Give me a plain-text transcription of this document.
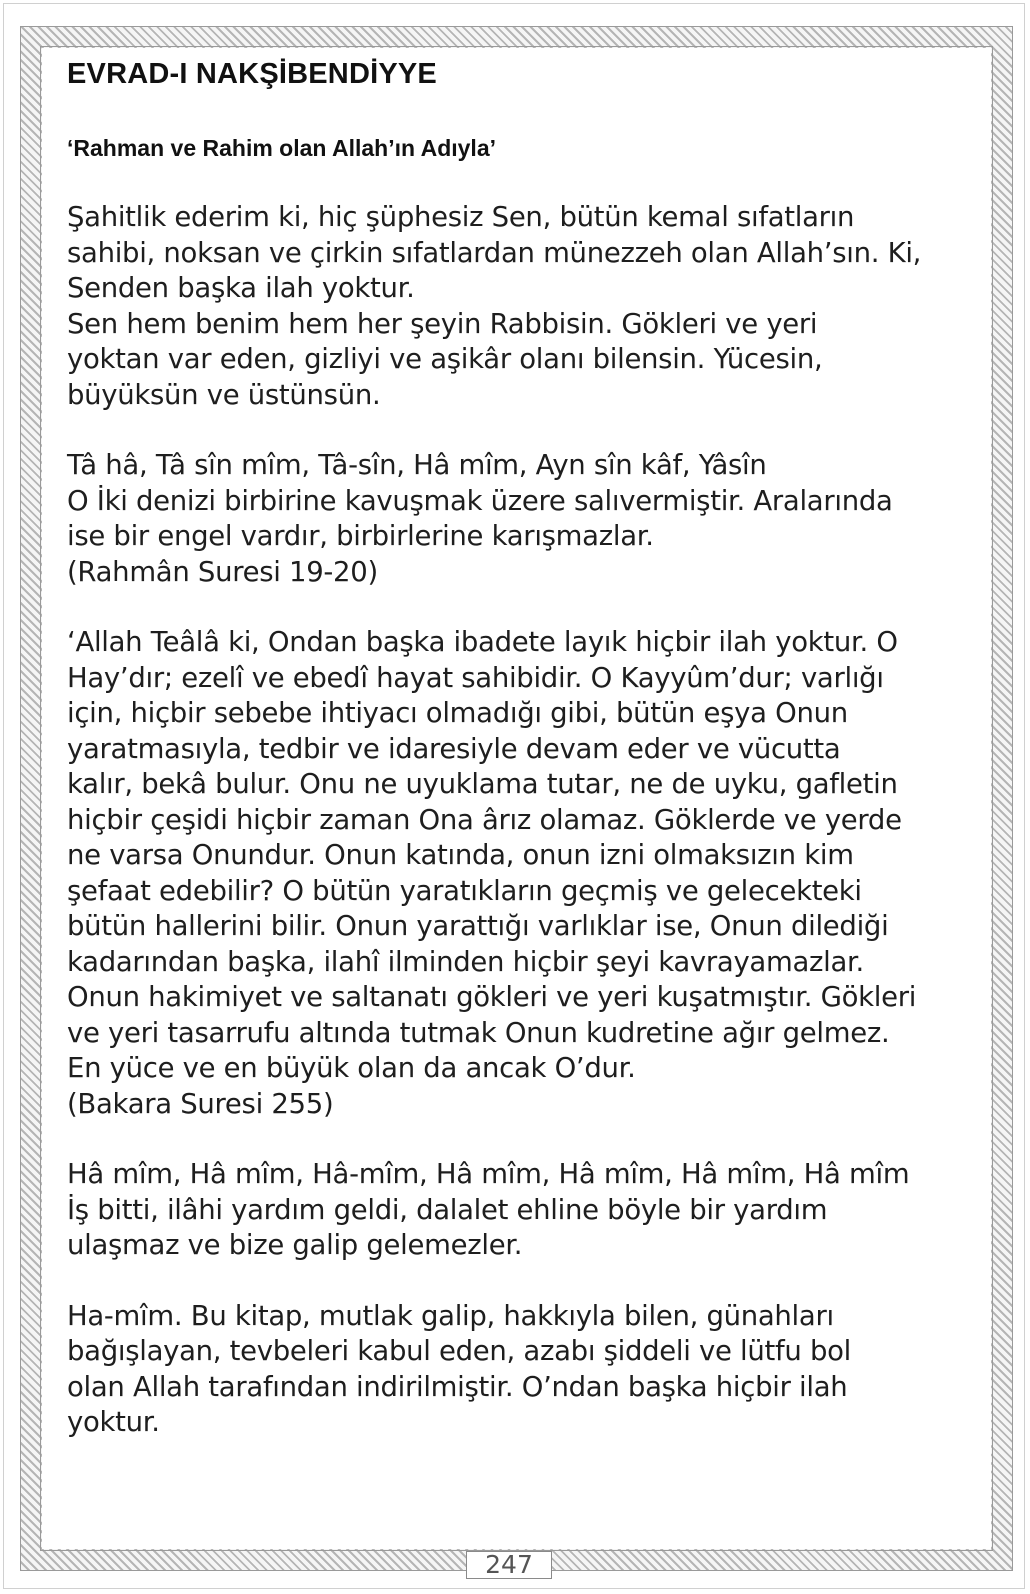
EVRAD-I NAKŞİBENDİYYE
‘Rahman ve Rahim olan Allah’ın Adıyla’

Şahitlik ederim ki, hiç şüphesiz Sen, bütün kemal sıfatların
sahibi, noksan ve çirkin sıfatlardan münezzeh olan Allah’sın. Ki,
Senden başka ilah yoktur.
Sen hem benim hem her şeyin Rabbisin. Gökleri ve yeri
yoktan var eden, gizliyi ve aşikâr olanı bilensin. Yücesin,
büyüksün ve üstünsün.

Tâ hâ, Tâ sîn mîm, Tâ-sîn, Hâ mîm, Ayn sîn kâf, Yâsîn
O İki denizi birbirine kavuşmak üzere salıvermiştir. Aralarında
ise bir engel vardır, birbirlerine karışmazlar.
(Rahmân Suresi 19-20)

‘Allah Teâlâ ki, Ondan başka ibadete layık hiçbir ilah yoktur. O
Hay’dır; ezelî ve ebedî hayat sahibidir. O Kayyûm’dur; varlığı
için, hiçbir sebebe ihtiyacı olmadığı gibi, bütün eşya Onun
yaratmasıyla, tedbir ve idaresiyle devam eder ve vücutta
kalır, bekâ bulur. Onu ne uyuklama tutar, ne de uyku, gafletin
hiçbir çeşidi hiçbir zaman Ona ârız olamaz. Göklerde ve yerde
ne varsa Onundur. Onun katında, onun izni olmaksızın kim
şefaat edebilir? O bütün yaratıkların geçmiş ve gelecekteki
bütün hallerini bilir. Onun yarattığı varlıklar ise, Onun dilediği
kadarından başka, ilahî ilminden hiçbir şeyi kavrayamazlar.
Onun hakimiyet ve saltanatı gökleri ve yeri kuşatmıştır. Gökleri
ve yeri tasarrufu altında tutmak Onun kudretine ağır gelmez.
En yüce ve en büyük olan da ancak O’dur.
(Bakara Suresi 255)

Hâ mîm, Hâ mîm, Hâ-mîm, Hâ mîm, Hâ mîm, Hâ mîm, Hâ mîm
İş bitti, ilâhi yardım geldi, dalalet ehline böyle bir yardım
ulaşmaz ve bize galip gelemezler.

Ha-mîm. Bu kitap, mutlak galip, hakkıyla bilen, günahları
bağışlayan, tevbeleri kabul eden, azabı şiddeli ve lütfu bol
olan Allah tarafından indirilmiştir. O’ndan başka hiçbir ilah
yoktur.

247
